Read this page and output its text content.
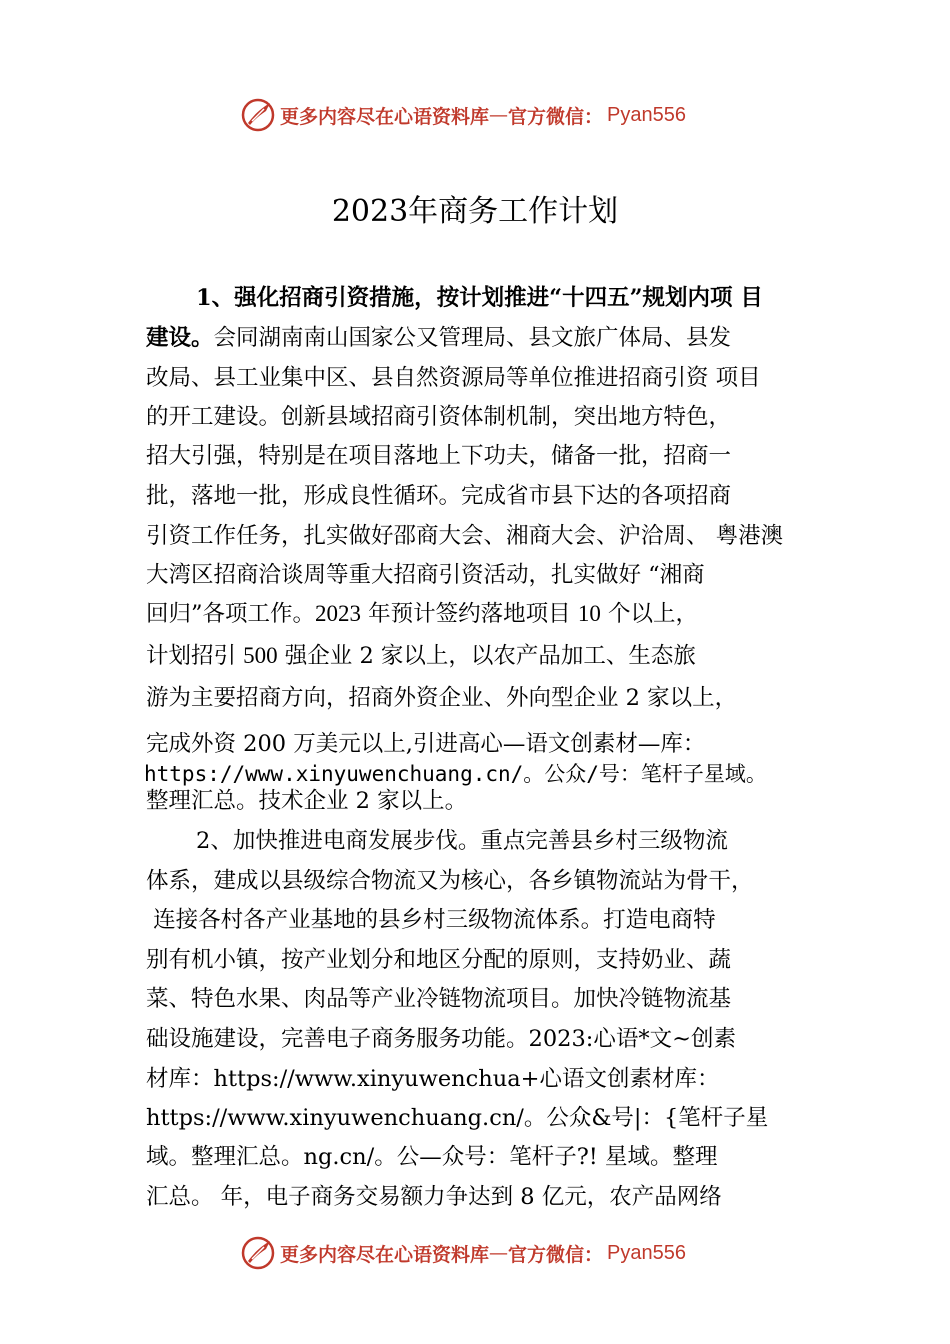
更多内容尽在心语资料库 — 官方微信： Pyan556
2023年商务工作计划
1、强化招商引资措施，按计划推进“十四五”规划内项 目
建设。会同湖南南山国家公⼜管理局、县文旅广体局、县发
改局、县工业集中区、县自然资源局等单位推进招商引资 项目
的开工建设。创新县域招商引资体制机制，突出地方特色，
招大引强，特别是在项目落地上下功夫，储备一批，招商一
批，落地一批，形成良性循环。完成省市县下达的各项招商
引资工作任务，扎实做好邵商大会、湘商大会、沪洽周、 粤港澳
大湾区招商洽谈周等重大招商引资活动，扎实做好 “湘商
回归”各项工作。2023 年预计签约落地项目 10 个以上，
计划招引 500 强企业 2 家以上，以农产品加工、生态旅
游为主要招商方向，招商外资企业、外向型企业 2 家以上，
完成外资 200 万美元以上,引进高心—语文创素材—库：
https://www.xinyuwenchuang.cn/。公众/号：笔杆子星域。
整理汇总。技术企业 2 家以上。
2、加快推进电商发展步伐。重点完善县乡村三级物流
体系，建成以县级综合物流⼜为核心，各乡镇物流站为骨干，
连接各村各产业基地的县乡村三级物流体系。打造电商特
别有机小镇，按产业划分和地区分配的原则，支持奶业、蔬
菜、特色水果、肉品等产业冷链物流项目。加快冷链物流基
础设施建设，完善电子商务服务功能。2023:心语*文~创素
材库：https://www.xinyuwenchua+心语文创素材库：
https://www.xinyuwenchuang.cn/。公众&号|：{笔杆子星
域。整理汇总。ng.cn/。公—众号：笔杆子?! 星域。整理
汇总。 年，电子商务交易额力争达到 8 亿元，农产品网络
更多内容尽在心语资料库 — 官方微信： Pyan556
